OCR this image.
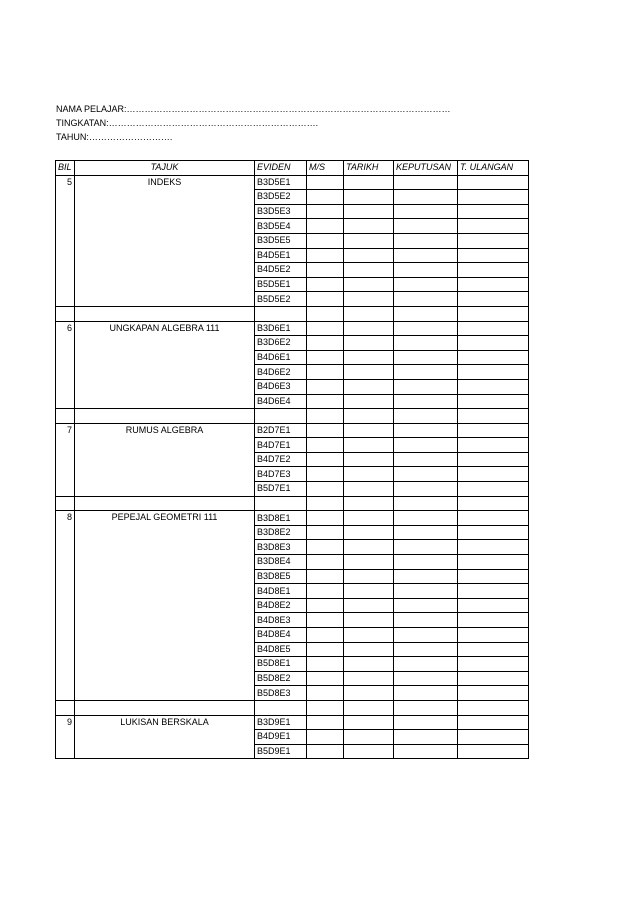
NAMA PELAJAR:………………………………………………………………………………………………
TINGKATAN:…………………………………………………………….
TAHUN:……………………….
BIL	TAJUK	EVIDEN	M/S	TARIKH	KEPUTUSAN	T. ULANGAN
5	INDEKS	B3D5E1				
		B3D5E2				
		B3D5E3				
		B3D5E4				
		B3D5E5				
		B4D5E1				
		B4D5E2				
		B5D5E1				
		B5D5E2				

6	UNGKAPAN ALGEBRA 111	B3D6E1				
		B3D6E2				
		B4D6E1				
		B4D6E2				
		B4D6E3				
		B4D6E4				

7	RUMUS ALGEBRA	B2D7E1				
		B4D7E1				
		B4D7E2				
		B4D7E3				
		B5D7E1				

8	PEPEJAL GEOMETRI 111	B3D8E1				
		B3D8E2				
		B3D8E3				
		B3D8E4				
		B3D8E5				
		B4D8E1				
		B4D8E2				
		B4D8E3				
		B4D8E4				
		B4D8E5				
		B5D8E1				
		B5D8E2				
		B5D8E3				

9	LUKISAN BERSKALA	B3D9E1				
		B4D9E1				
		B5D9E1				
